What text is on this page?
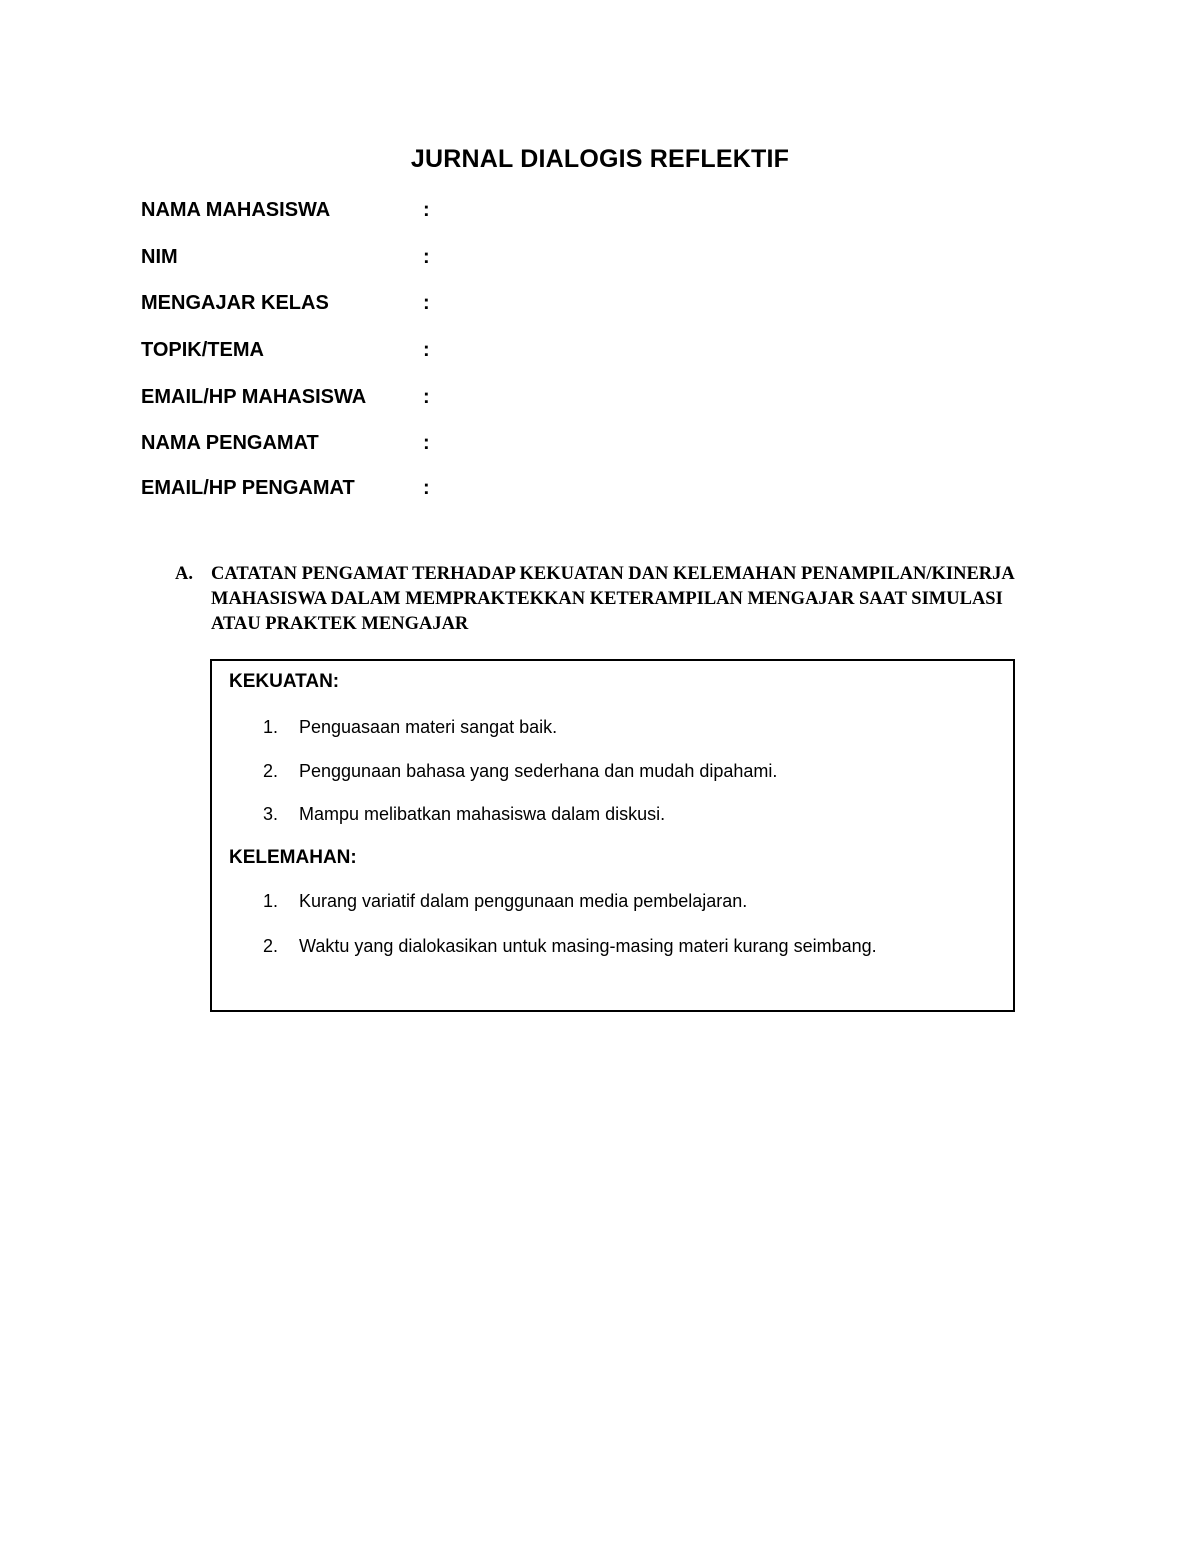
JURNAL DIALOGIS REFLEKTIF
NAMA MAHASISWA	:
NIM	:
MENGAJAR KELAS	:
TOPIK/TEMA	:
EMAIL/HP MAHASISWA	:
NAMA PENGAMAT	:
EMAIL/HP PENGAMAT	:
A. CATATAN PENGAMAT TERHADAP KEKUATAN DAN KELEMAHAN PENAMPILAN/KINERJA MAHASISWA DALAM MEMPRAKTEKKAN KETERAMPILAN MENGAJAR SAAT SIMULASI ATAU PRAKTEK MENGAJAR
KEKUATAN:
1. Penguasaan materi sangat baik.
2. Penggunaan bahasa yang sederhana dan mudah dipahami.
3. Mampu melibatkan mahasiswa dalam diskusi.
KELEMAHAN:
1. Kurang variatif dalam penggunaan media pembelajaran.
2. Waktu yang dialokasikan untuk masing-masing materi kurang seimbang.
